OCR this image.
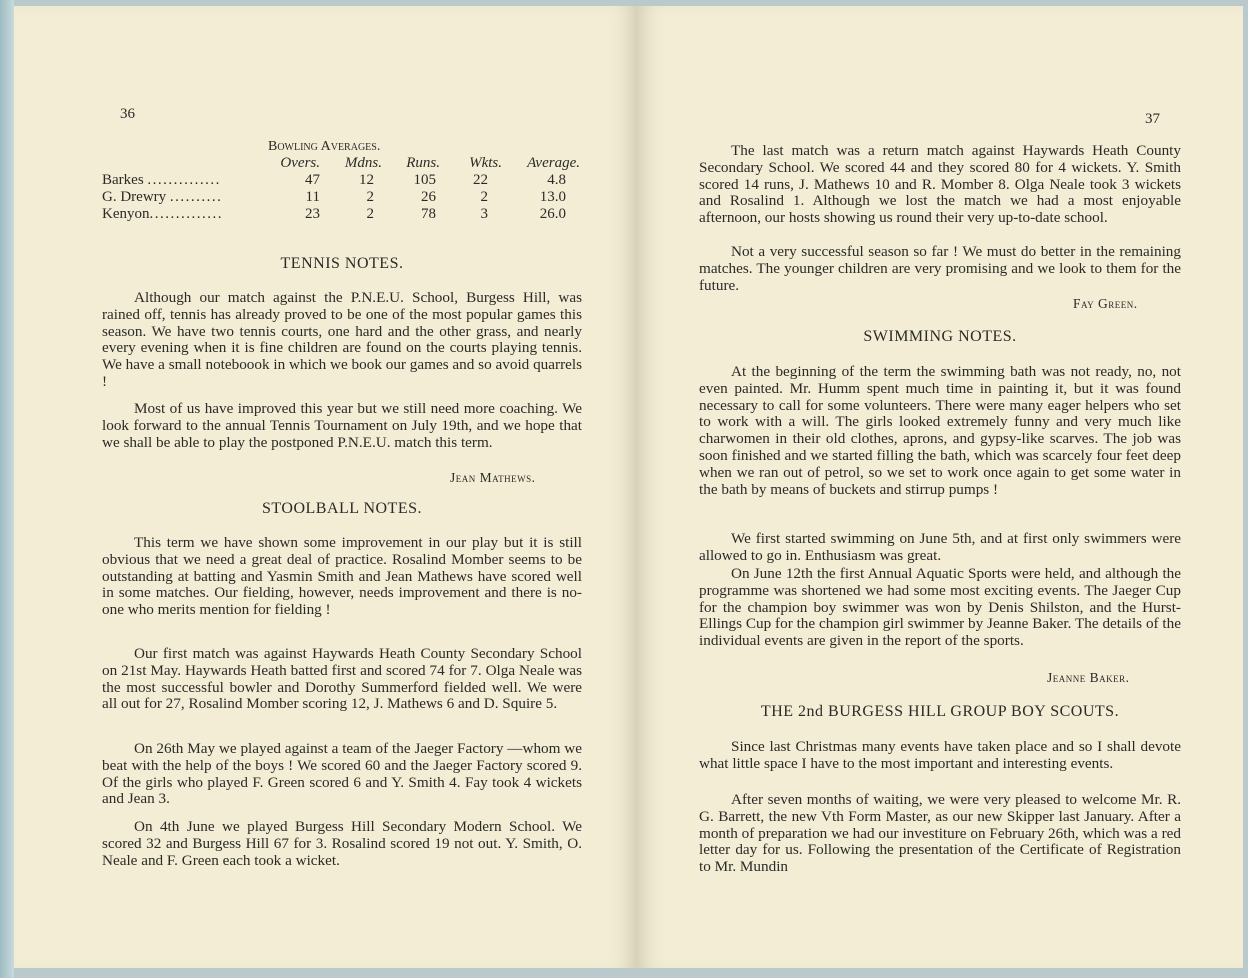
36
Bowling Averages.
	Overs.	Mdns.	Runs.	Wkts.	Average.
Barkes ..............	47	12	105	22	4.8
G. Drewry ..........	11	2	26	2	13.0
Kenyon..............	23	2	78	3	26.0
TENNIS NOTES.

Although our match against the P.N.E.U. School, Burgess Hill, was rained off, tennis has already proved to be one of the most popular games this season. We have two tennis courts, one hard and the other grass, and nearly every evening when it is fine children are found on the courts playing tennis. We have a small noteboook in which we book our games and so avoid quarrels !

Most of us have improved this year but we still need more coaching. We look forward to the annual Tennis Tournament on July 19th, and we hope that we shall be able to play the postponed P.N.E.U. match this term.

Jean Mathews.
STOOLBALL NOTES.

This term we have shown some improvement in our play but it is still obvious that we need a great deal of practice. Rosalind Momber seems to be outstanding at batting and Yasmin Smith and Jean Mathews have scored well in some matches. Our fielding, however, needs improvement and there is no-one who merits mention for fielding !

Our first match was against Haywards Heath County Secondary School on 21st May. Haywards Heath batted first and scored 74 for 7. Olga Neale was the most successful bowler and Dorothy Summerford fielded well. We were all out for 27, Rosalind Momber scoring 12, J. Mathews 6 and D. Squire 5.

On 26th May we played against a team of the Jaeger Factory —whom we beat with the help of the boys ! We scored 60 and the Jaeger Factory scored 9. Of the girls who played F. Green scored 6 and Y. Smith 4. Fay took 4 wickets and Jean 3.

On 4th June we played Burgess Hill Secondary Modern School. We scored 32 and Burgess Hill 67 for 3. Rosalind scored 19 not out. Y. Smith, O. Neale and F. Green each took a wicket.

37

The last match was a return match against Haywards Heath County Secondary School. We scored 44 and they scored 80 for 4 wickets. Y. Smith scored 14 runs, J. Mathews 10 and R. Momber 8. Olga Neale took 3 wickets and Rosalind 1. Although we lost the match we had a most enjoyable afternoon, our hosts showing us round their very up-to-date school.

Not a very successful season so far ! We must do better in the remaining matches. The younger children are very promising and we look to them for the future.

Fay Green.
SWIMMING NOTES.

At the beginning of the term the swimming bath was not ready, no, not even painted. Mr. Humm spent much time in painting it, but it was found necessary to call for some volunteers. There were many eager helpers who set to work with a will. The girls looked extremely funny and very much like charwomen in their old clothes, aprons, and gypsy-like scarves. The job was soon finished and we started filling the bath, which was scarcely four feet deep when we ran out of petrol, so we set to work once again to get some water in the bath by means of buckets and stirrup pumps !

We first started swimming on June 5th, and at first only swimmers were allowed to go in. Enthusiasm was great.

On June 12th the first Annual Aquatic Sports were held, and although the programme was shortened we had some most exciting events. The Jaeger Cup for the champion boy swimmer was won by Denis Shilston, and the Hurst-Ellings Cup for the champion girl swimmer by Jeanne Baker. The details of the individual events are given in the report of the sports.

Jeanne Baker.
THE 2nd BURGESS HILL GROUP BOY SCOUTS.

Since last Christmas many events have taken place and so I shall devote what little space I have to the most important and interesting events.

After seven months of waiting, we were very pleased to welcome Mr. R. G. Barrett, the new Vth Form Master, as our new Skipper last January. After a month of preparation we had our investiture on February 26th, which was a red letter day for us. Following the presentation of the Certificate of Registration to Mr. Mundin
